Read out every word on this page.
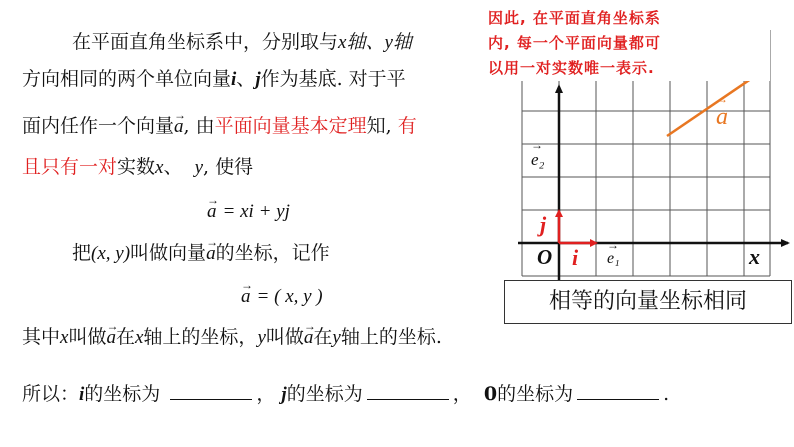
因此, 在平面直角坐标系
内, 每一个平面向量都可
以用一对实数唯一表示.
→ a
→ e₂
j
O i
→ e₁	x
相等的向量坐标相同
在平面直角坐标系中，分别取与x轴、y轴
方向相同的两个单位向量i、j作为基底. 对于平
面内任作一个向量→ a, 由平面向量基本定理知, 有
且只有一对实数x、 y, 使得
→ a = xi + yj
把(x, y)叫做向量→ a的坐标，记作
→ a = ( x, y )
其中x叫做→ a在x轴上的坐标，y叫做→ a在y轴上的坐标.
所以：i的坐标为	， j的坐标为	， 0的坐标为	.
